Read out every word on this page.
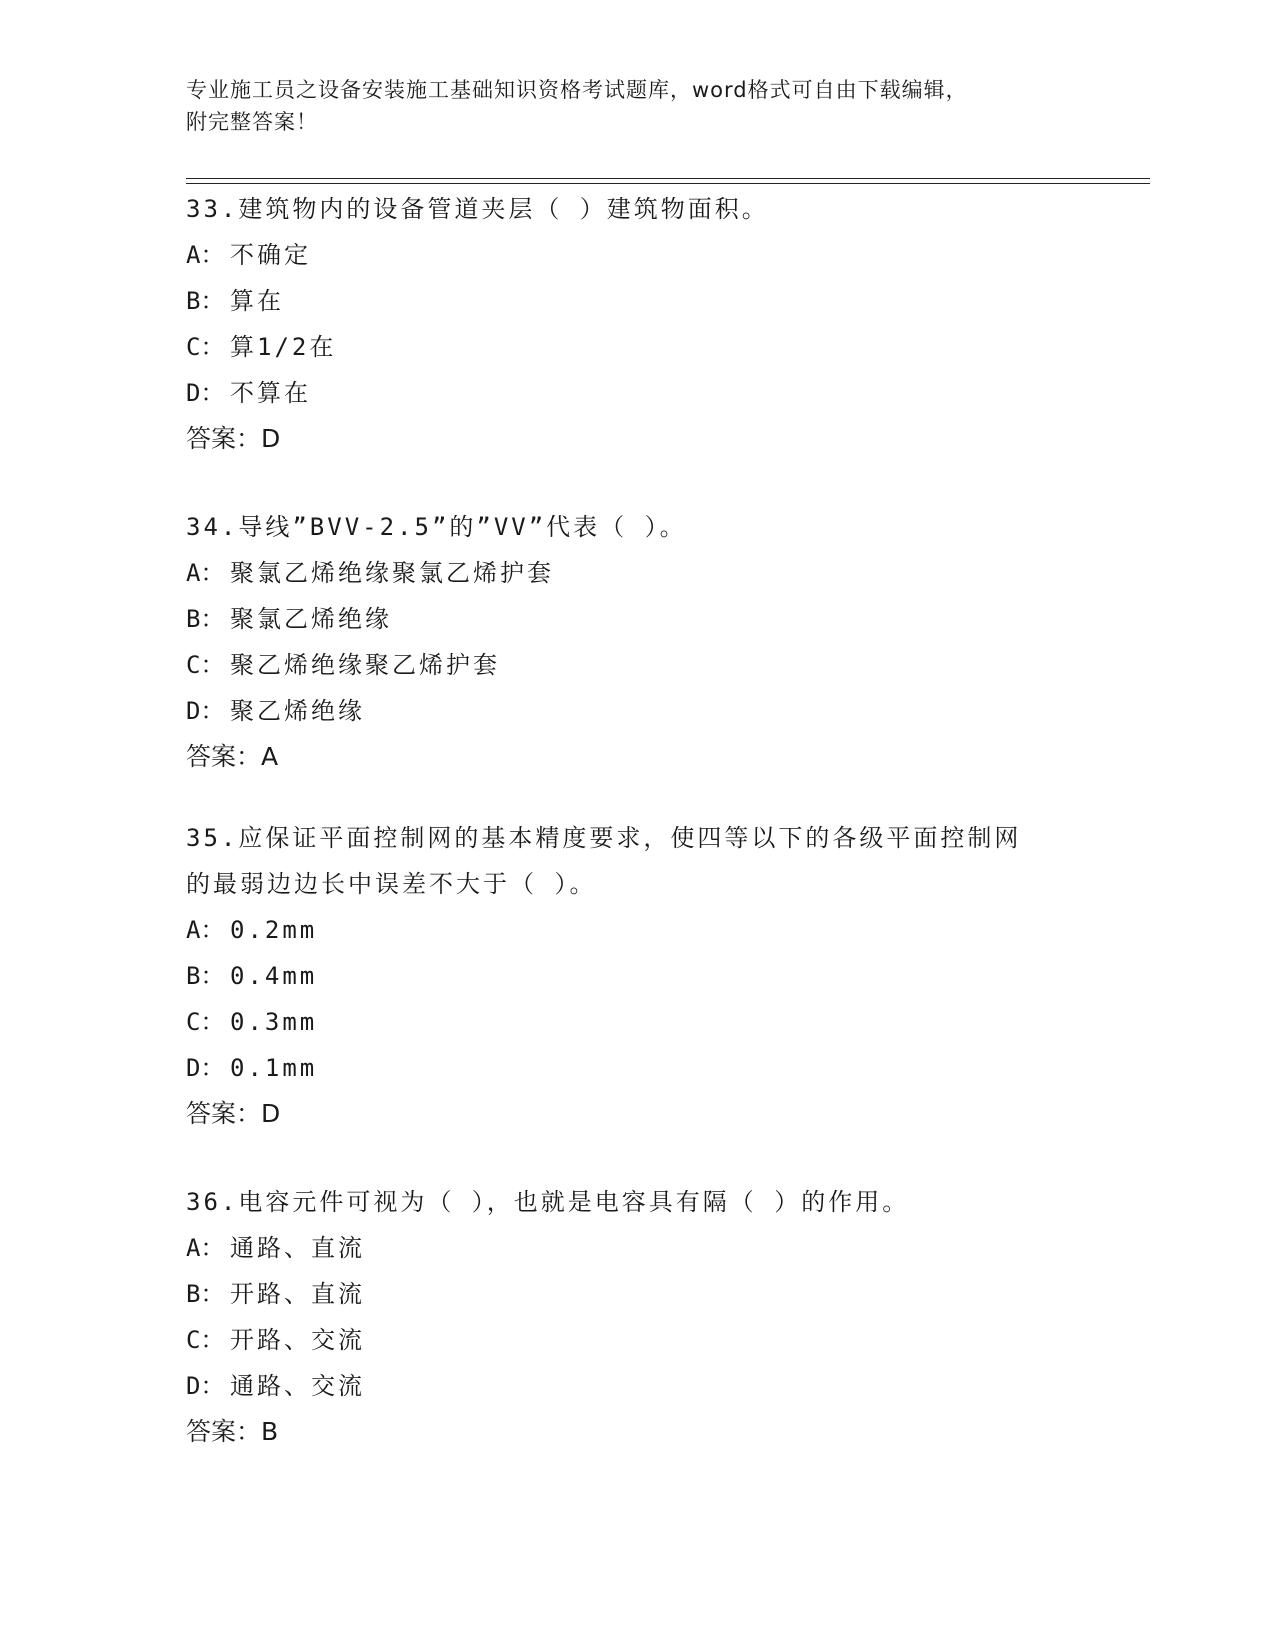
专业施工员之设备安装施工基础知识资格考试题库，word格式可自由下载编辑，
附完整答案！
33.建筑物内的设备管道夹层（ ）建筑物面积。
A： 不确定
B： 算在
C： 算1/2在
D： 不算在
答案：D
34.导线”BVV-2.5”的”VV”代表（ ）。
A： 聚氯乙烯绝缘聚氯乙烯护套
B： 聚氯乙烯绝缘
C： 聚乙烯绝缘聚乙烯护套
D： 聚乙烯绝缘
答案：A
35.应保证平面控制网的基本精度要求，使四等以下的各级平面控制网
的最弱边边长中误差不大于（ ）。
A： 0.2mm
B： 0.4mm
C： 0.3mm
D： 0.1mm
答案：D
36.电容元件可视为（ ），也就是电容具有隔（ ）的作用。
A： 通路、直流
B： 开路、直流
C： 开路、交流
D： 通路、交流
答案：B
